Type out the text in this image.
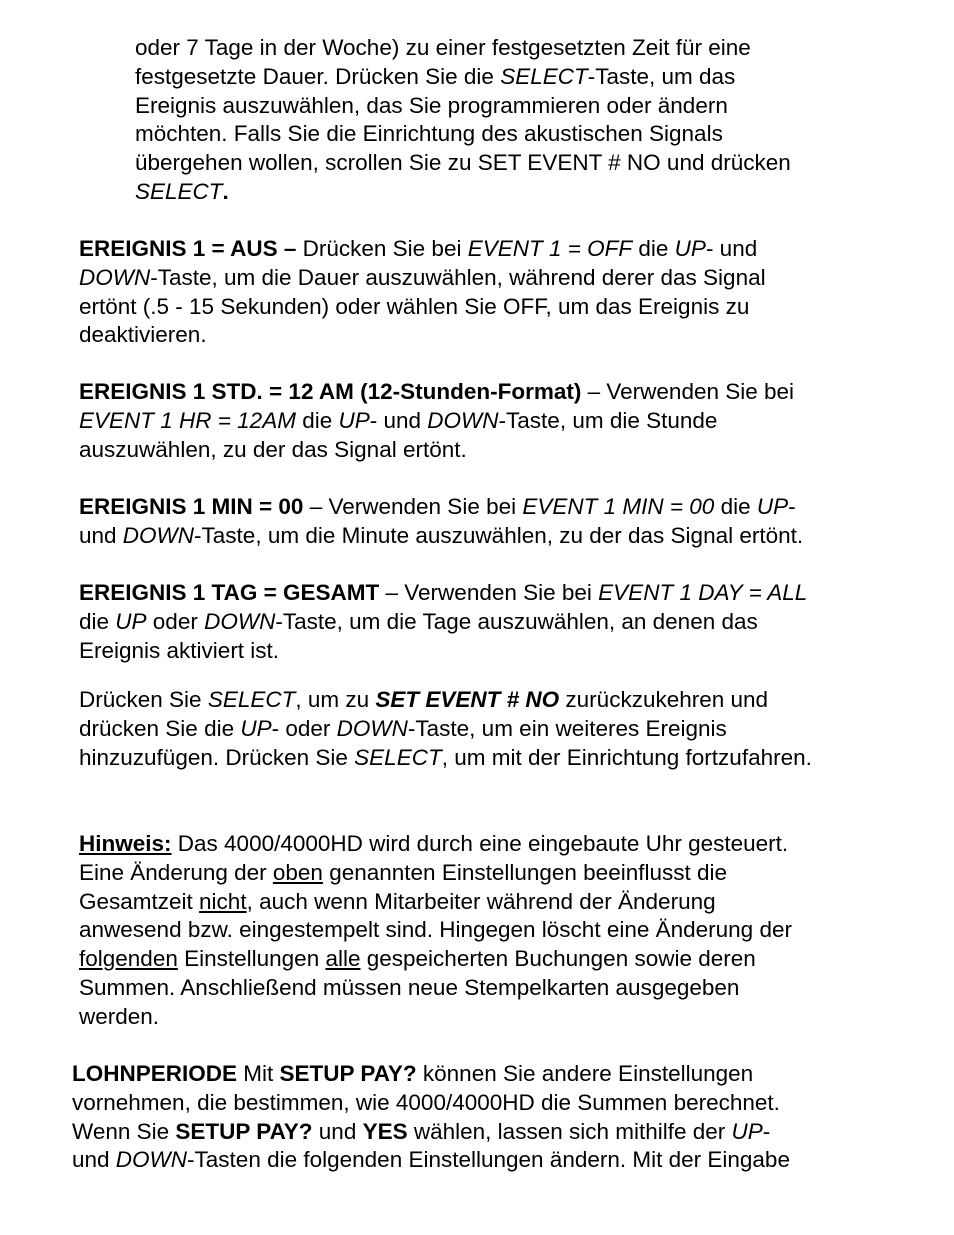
oder 7 Tage in der Woche) zu einer festgesetzten Zeit für eine
festgesetzte Dauer. Drücken Sie die SELECT-Taste, um das
Ereignis auszuwählen, das Sie programmieren oder ändern
möchten. Falls Sie die Einrichtung des akustischen Signals
übergehen wollen, scrollen Sie zu SET EVENT # NO und drücken
SELECT.

EREIGNIS 1 = AUS – Drücken Sie bei EVENT 1 = OFF die UP- und
DOWN-Taste, um die Dauer auszuwählen, während derer das Signal
ertönt (.5 - 15 Sekunden) oder wählen Sie OFF, um das Ereignis zu
deaktivieren.

EREIGNIS 1 STD. = 12 AM (12-Stunden-Format) – Verwenden Sie bei
EVENT 1 HR = 12AM die UP- und DOWN-Taste, um die Stunde
auszuwählen, zu der das Signal ertönt.

EREIGNIS 1 MIN = 00 – Verwenden Sie bei EVENT 1 MIN = 00 die UP-
und DOWN-Taste, um die Minute auszuwählen, zu der das Signal ertönt.

EREIGNIS 1 TAG = GESAMT – Verwenden Sie bei EVENT 1 DAY = ALL
die UP oder DOWN-Taste, um die Tage auszuwählen, an denen das
Ereignis aktiviert ist.

Drücken Sie SELECT, um zu SET EVENT # NO zurückzukehren und
drücken Sie die UP- oder DOWN-Taste, um ein weiteres Ereignis
hinzuzufügen. Drücken Sie SELECT, um mit der Einrichtung fortzufahren.

Hinweis: Das 4000/4000HD wird durch eine eingebaute Uhr gesteuert.
Eine Änderung der oben genannten Einstellungen beeinflusst die
Gesamtzeit nicht, auch wenn Mitarbeiter während der Änderung
anwesend bzw. eingestempelt sind. Hingegen löscht eine Änderung der
folgenden Einstellungen alle gespeicherten Buchungen sowie deren
Summen. Anschließend müssen neue Stempelkarten ausgegeben
werden.

LOHNPERIODE Mit SETUP PAY? können Sie andere Einstellungen
vornehmen, die bestimmen, wie 4000/4000HD die Summen berechnet.
Wenn Sie SETUP PAY? und YES wählen, lassen sich mithilfe der UP-
und DOWN-Tasten die folgenden Einstellungen ändern. Mit der Eingabe
